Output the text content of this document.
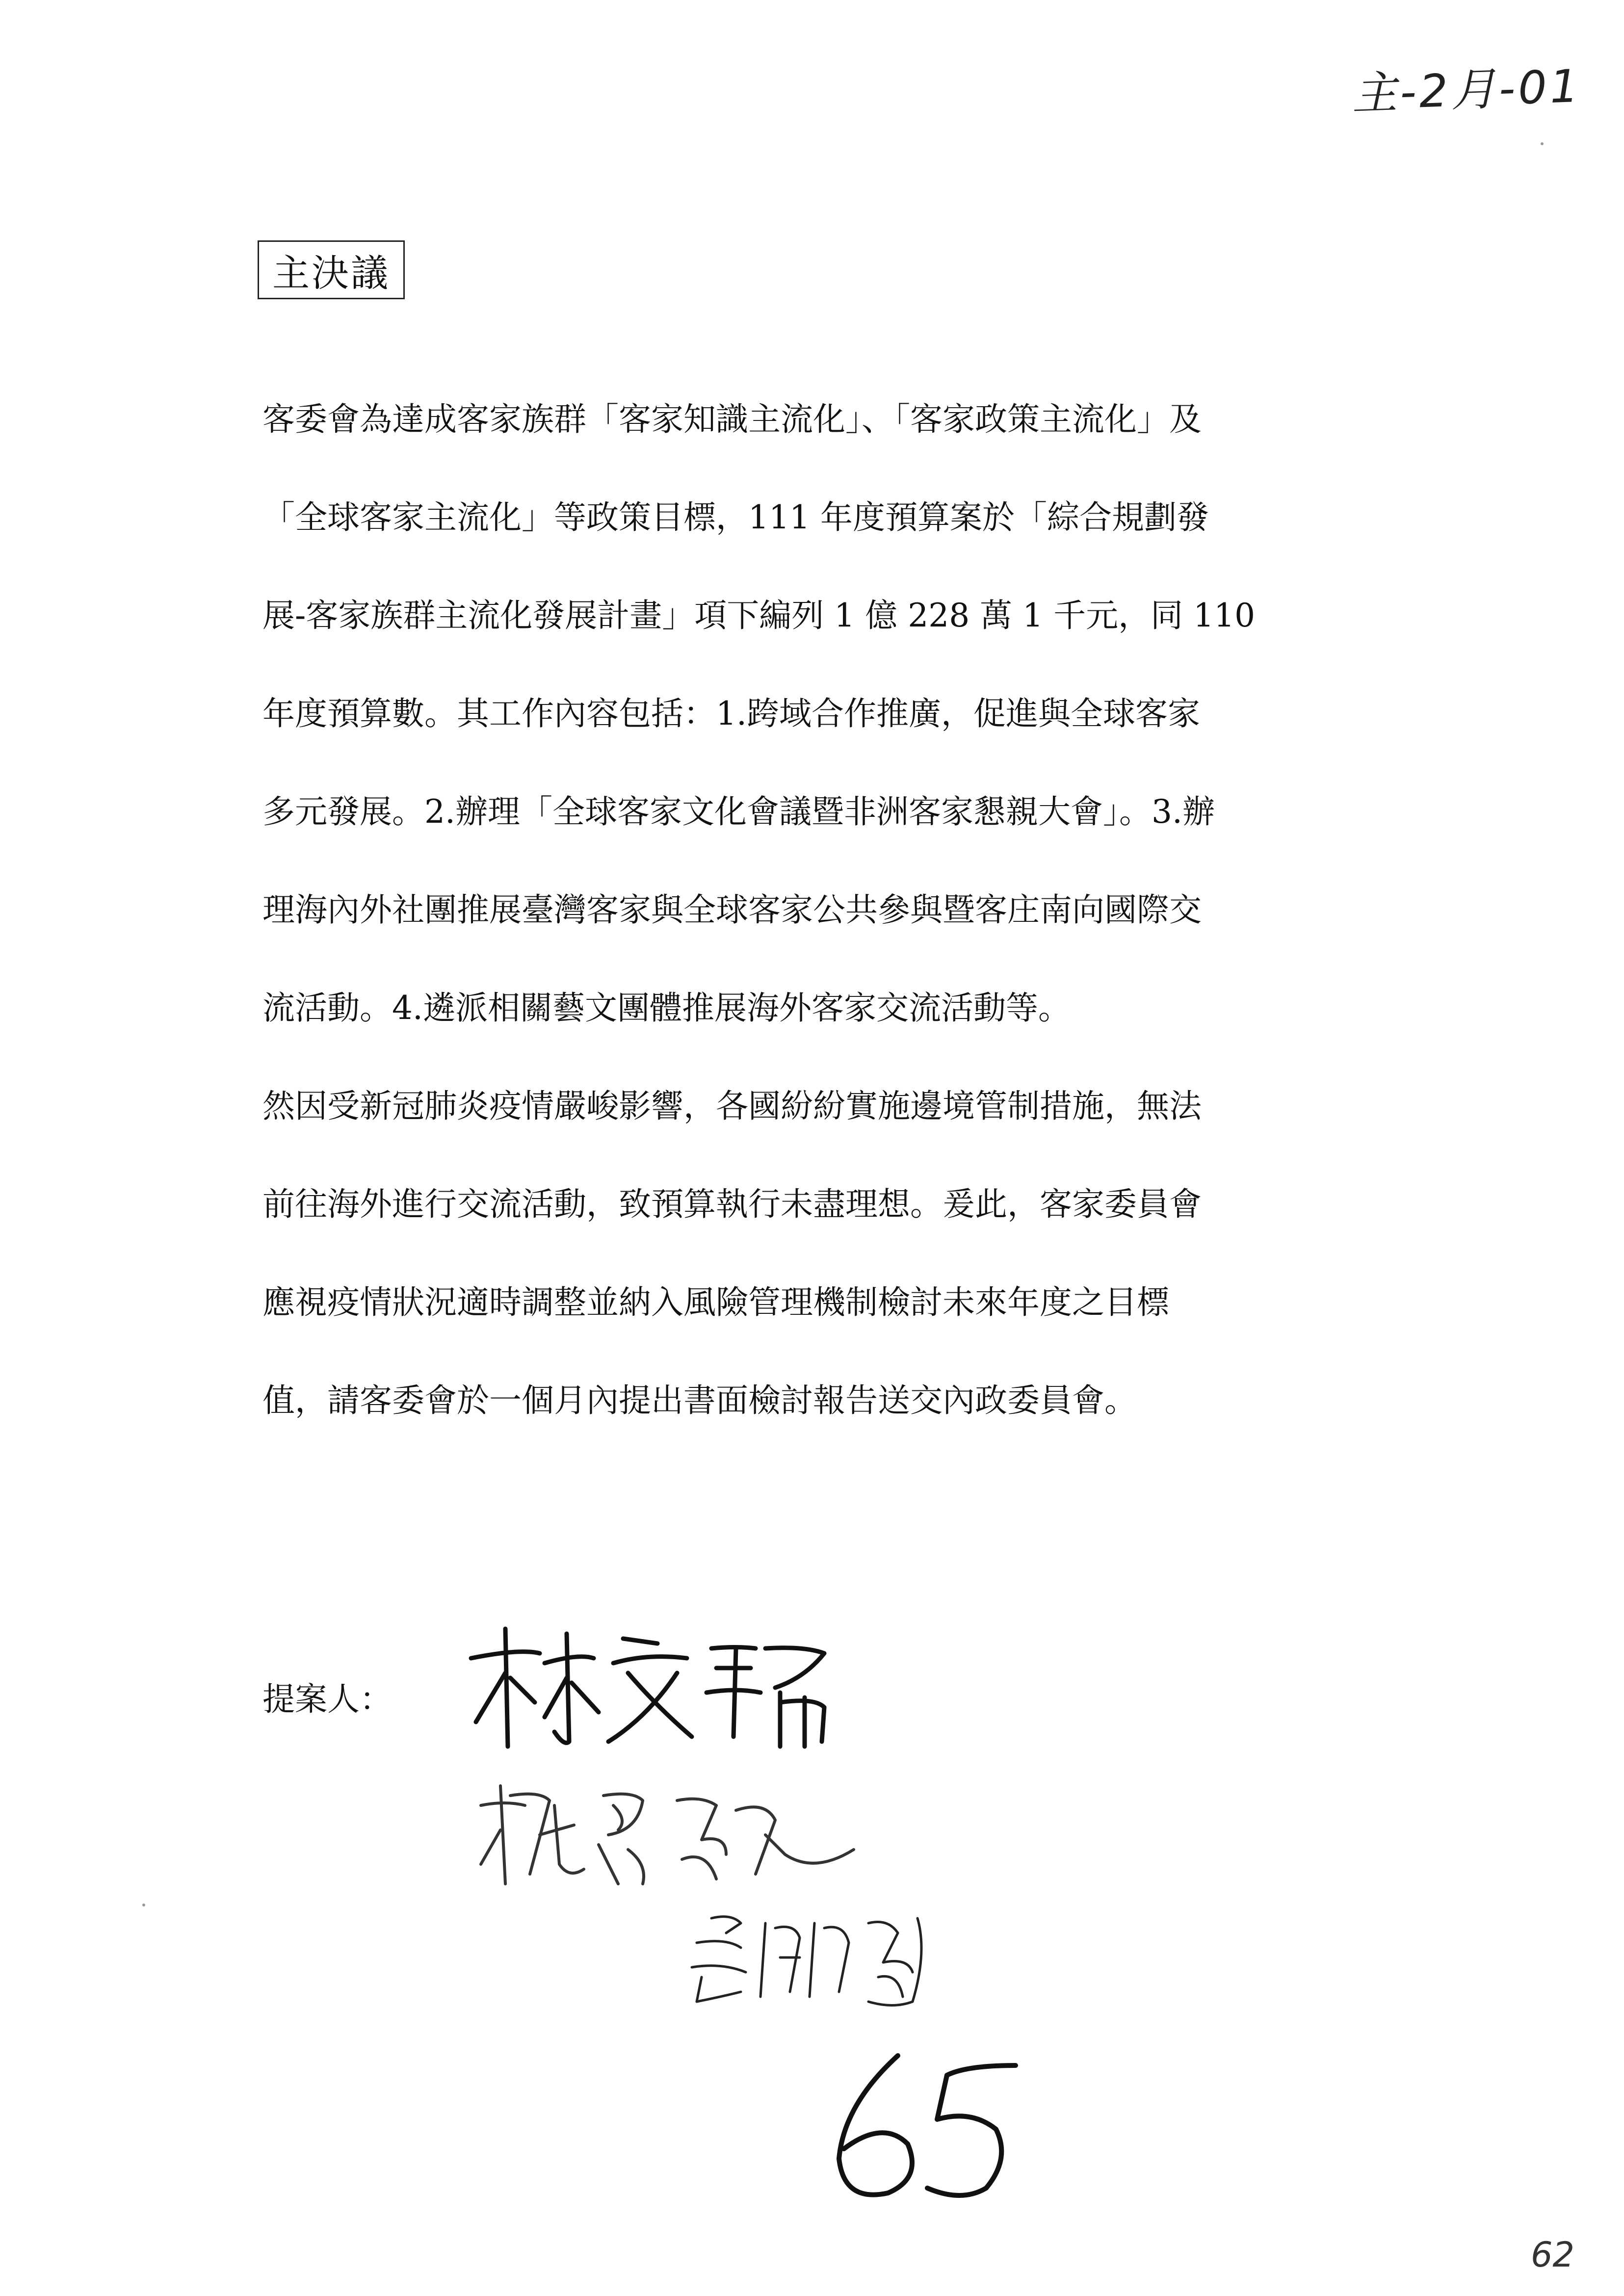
主-2月-01
主決議
客委會為達成客家族群「客家知識主流化」、「客家政策主流化」及
「全球客家主流化」等政策目標，111 年度預算案於「綜合規劃發
展-客家族群主流化發展計畫」項下編列 1 億 228 萬 1 千元，同 110
年度預算數。其工作內容包括：1.跨域合作推廣，促進與全球客家
多元發展。2.辦理「全球客家文化會議暨非洲客家懇親大會」。3.辦
理海內外社團推展臺灣客家與全球客家公共參與暨客庄南向國際交
流活動。4.遴派相關藝文團體推展海外客家交流活動等。
然因受新冠肺炎疫情嚴峻影響，各國紛紛實施邊境管制措施，無法
前往海外進行交流活動，致預算執行未盡理想。爰此，客家委員會
應視疫情狀況適時調整並納入風險管理機制檢討未來年度之目標
值，請客委會於一個月內提出書面檢討報告送交內政委員會。
提案人：
62
